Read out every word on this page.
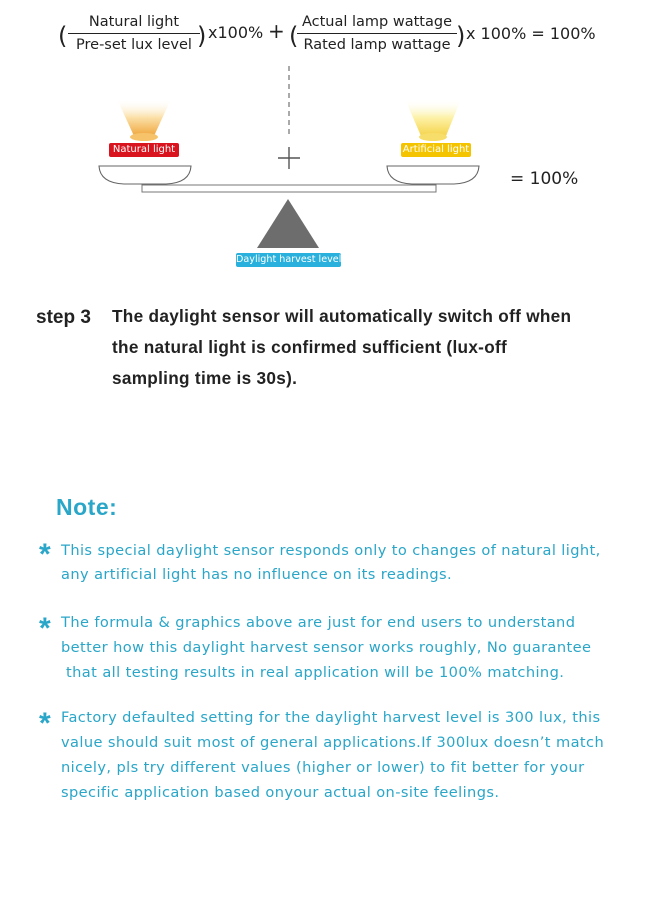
(	Natural light
Pre-set lux level ) x100% + ( Actual lamp wattage
Rated lamp wattage ) x 100% = 100%
Natural light	Artificial light
Daylight harvest level
= 100%
step 3 The daylight sensor will automatically switch off when
the natural light is confirmed sufficient (lux-off
sampling time is 30s).
Note:
* This special daylight sensor responds only to changes of natural light,
any artificial light has no influence on its readings.
* The formula & graphics above are just for end users to understand
better how this daylight harvest sensor works roughly, No guarantee
that all testing results in real application will be 100% matching.
* Factory defaulted setting for the daylight harvest level is 300 lux, this
value should suit most of general applications.If 300lux doesn’t match
nicely, pls try different values (higher or lower) to fit better for your
specific application based onyour actual on-site feelings.
